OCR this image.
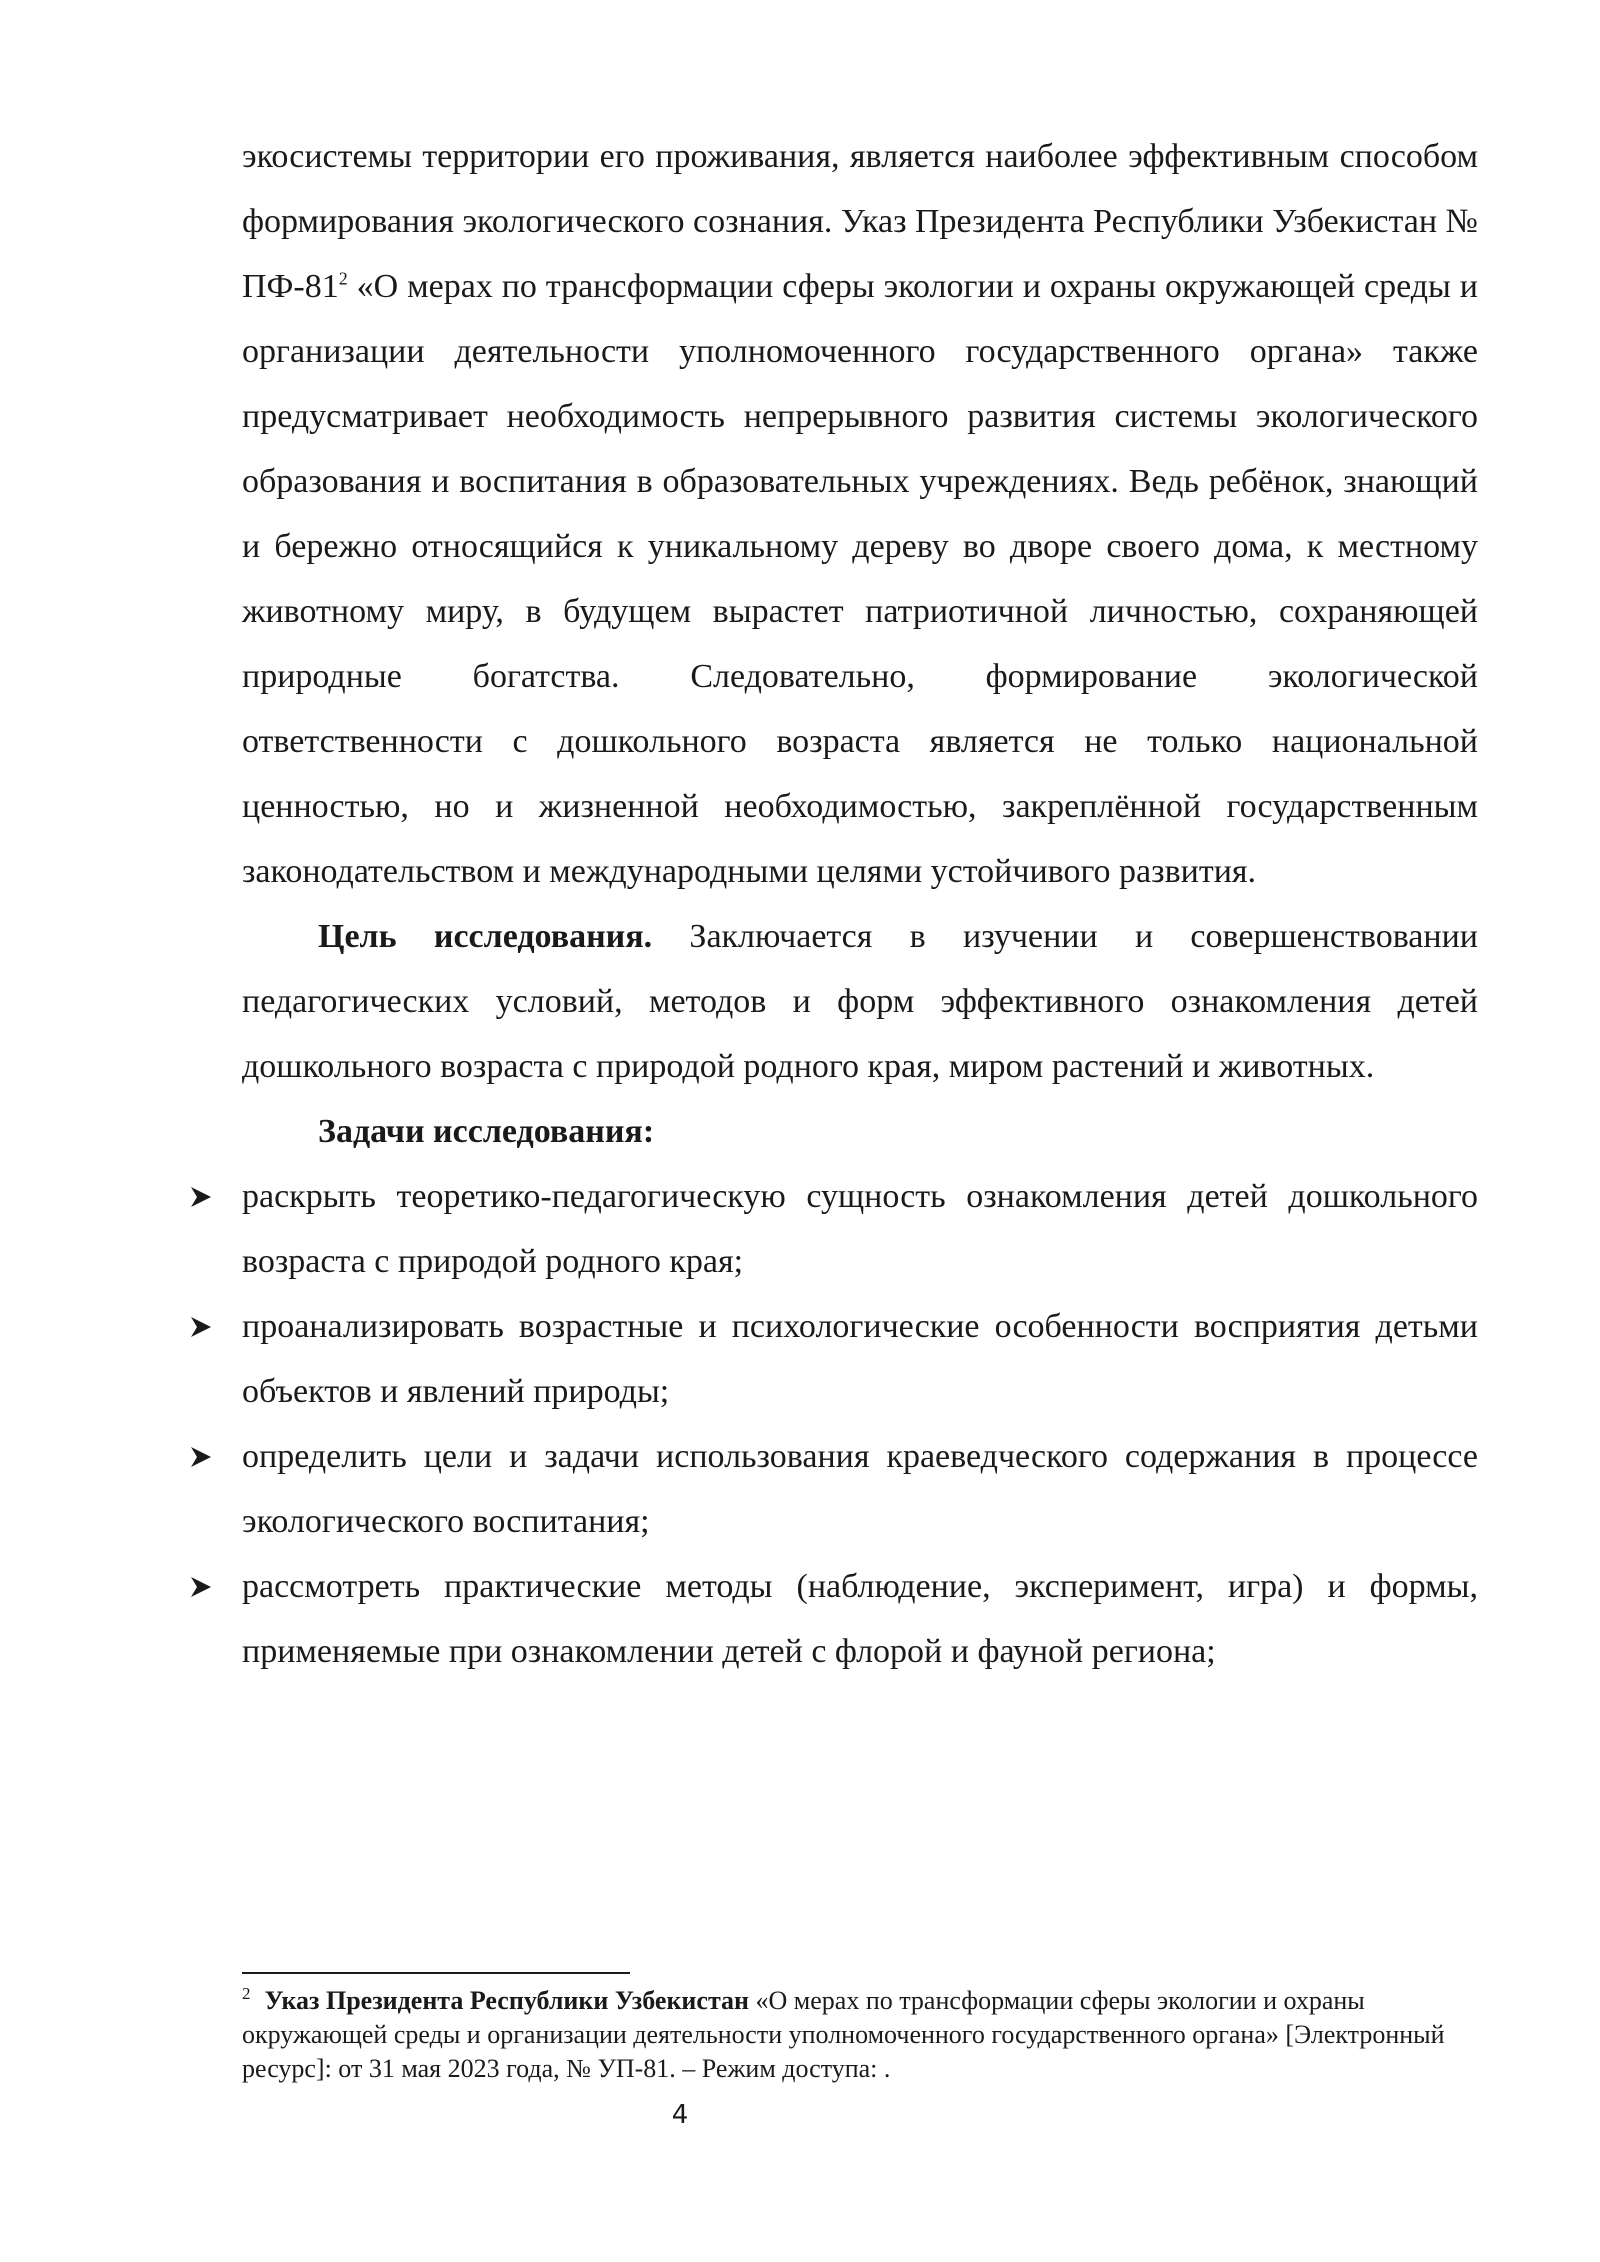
экосистемы территории его проживания, является наиболее эффективным способом формирования экологического сознания. Указ Президента Республики Узбекистан № ПФ-81$^2$ «О мерах по трансформации сферы экологии и охраны окружающей среды и организации деятельности уполномоченного государственного органа» также предусматривает необходимость непрерывного развития системы экологического образования и воспитания в образовательных учреждениях. Ведь ребёнок, знающий и бережно относящийся к уникальному дереву во дворе своего дома, к местному животному миру, в будущем вырастет патриотичной личностью, сохраняющей природные богатства. Следовательно, формирование экологической ответственности с дошкольного возраста является не только национальной ценностью, но и жизненной необходимостью, закреплённой государственным законодательством и международными целями устойчивого развития.

Цель исследования. Заключается в изучении и совершенствовании педагогических условий, методов и форм эффективного ознакомления детей дошкольного возраста с природой родного края, миром растений и животных.

Задачи исследования:

раскрыть теоретико-педагогическую сущность ознакомления детей дошкольного возраста с природой родного края;
проанализировать возрастные и психологические особенности восприятия детьми объектов и явлений природы;
определить цели и задачи использования краеведческого содержания в процессе экологического воспитания;
рассмотреть практические методы (наблюдение, эксперимент, игра) и формы, применяемые при ознакомлении детей с флорой и фауной региона;
$^2$ Указ Президента Республики Узбекистан «О мерах по трансформации сферы экологии и охраны окружающей среды и организации деятельности уполномоченного государственного органа» [Электронный ресурс]: от 31 мая 2023 года, № УП-81. – Режим доступа: .
4
